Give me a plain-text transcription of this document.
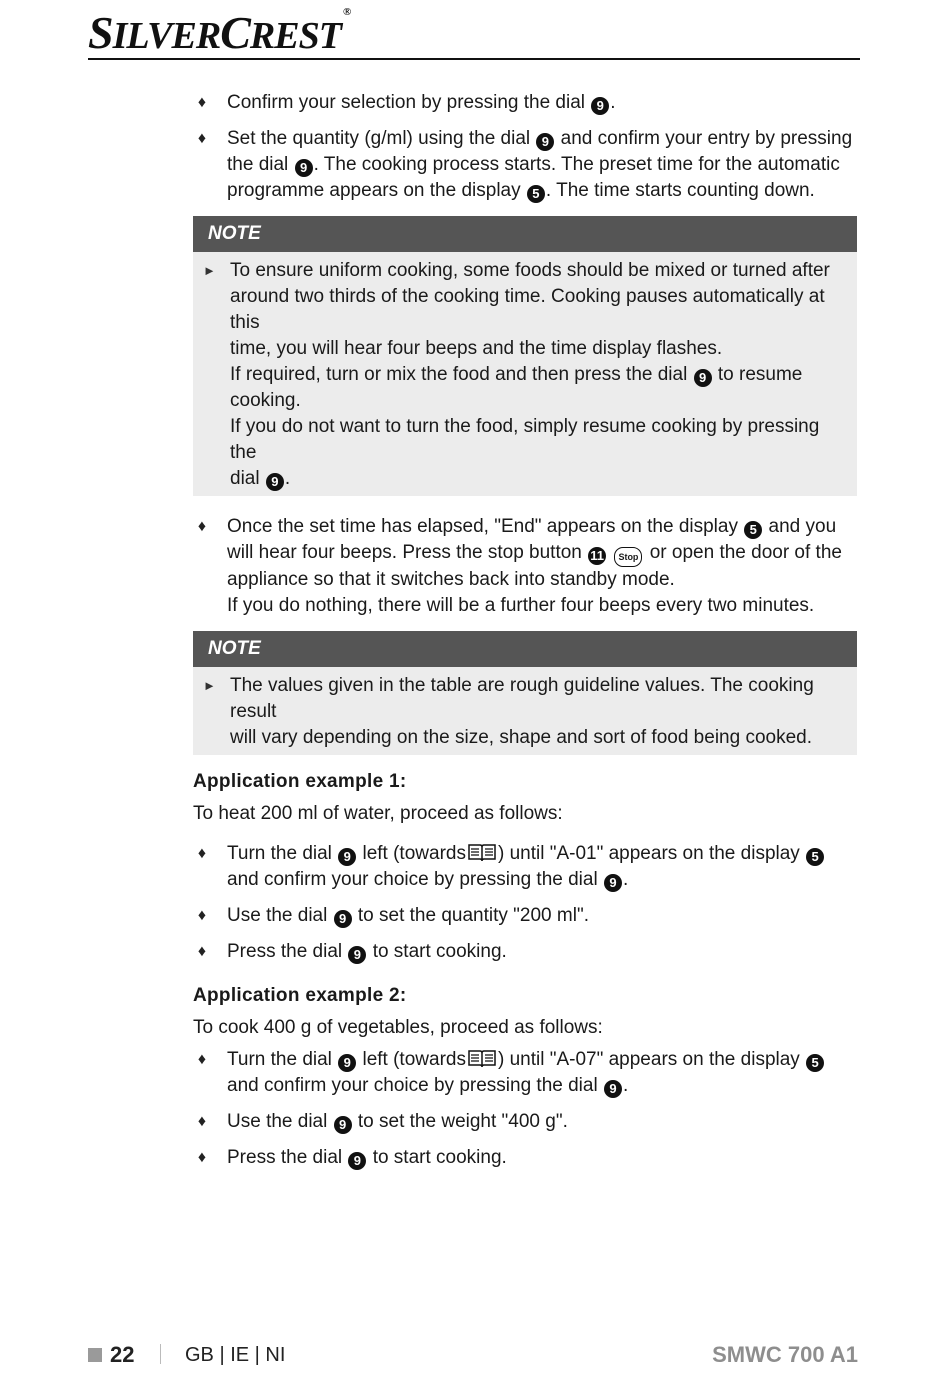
SILVERCREST®
♦ Confirm your selection by pressing the dial 9 .
♦ Set the quantity (g/ml) using the dial 9 and confirm your entry by pressing
the dial 9 . The cooking process starts. The preset time for the automatic
programme appears on the display 5 . The time starts counting down.
NOTE
► To ensure uniform cooking, some foods should be mixed or turned after
around two thirds of the cooking time. Cooking pauses automatically at this
time, you will hear four beeps and the time display flashes.
If required, turn or mix the food and then press the dial 9 to resume
cooking.
If you do not want to turn the food, simply resume cooking by pressing the
dial 9 .
♦ Once the set time has elapsed, "End" appears on the display 5 and you
will hear four beeps. Press the stop button 11 Stop or open the door of the
appliance so that it switches back into standby mode.
If you do nothing, there will be a further four beeps every two minutes.
NOTE
► The values given in the table are rough guideline values. The cooking result
will vary depending on the size, shape and sort of food being cooked.
Application example 1:
To heat 200 ml of water, proceed as follows:
♦ Turn the dial 9 left (towards ) until "A-01" appears on the display 5
and confirm your choice by pressing the dial 9 .
♦ Use the dial 9 to set the quantity "200 ml".
♦ Press the dial 9 to start cooking.
Application example 2:
To cook 400 g of vegetables, proceed as follows:
♦ Turn the dial 9 left (towards ) until "A-07" appears on the display 5
and confirm your choice by pressing the dial 9 .
♦ Use the dial 9 to set the weight "400 g".
♦ Press the dial 9 to start cooking.
22	GB | IE | NI	SMWC 700 A1
